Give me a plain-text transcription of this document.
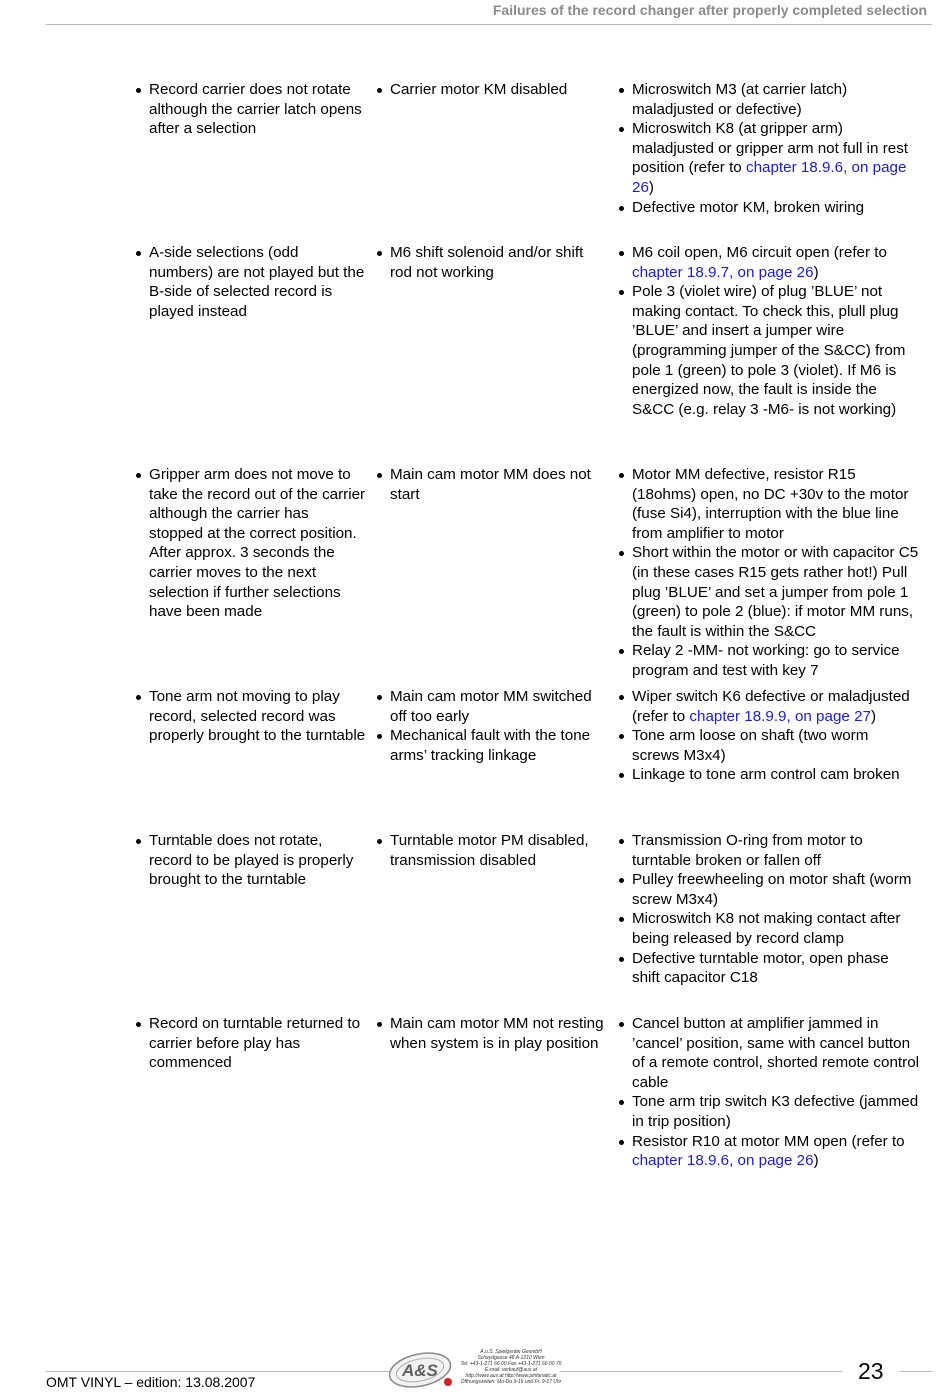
Failures of the record changer after properly completed selection
Record carrier does not rotate although the carrier latch opens after a selection
Carrier motor KM disabled	Microswitch M3 (at carrier latch) maladjusted or defective)
Microswitch K8 (at gripper arm) maladjusted or gripper arm not full in rest position (refer to chapter 18.9.6, on page 26)
Defective motor KM, broken wiring
A-side selections (odd numbers) are not played but the B-side of selected record is played instead
M6 shift solenoid and/or shift rod not working
M6 coil open, M6 circuit open (refer to chapter 18.9.7, on page 26)
Pole 3 (violet wire) of plug ’BLUE’ not making contact. To check this, plull plug ’BLUE’ and insert a jumper wire (programming jumper of the S&CC) from pole 1 (green) to pole 3 (violet). If M6 is energized now, the fault is inside the S&CC (e.g. relay 3 -M6- is not working)
Gripper arm does not move to take the record out of the carrier although the carrier has stopped at the correct position. After approx. 3 seconds the carrier moves to the next selection if further selections have been made
Main cam motor MM does not start
Motor MM defective, resistor R15 (18ohms) open, no DC +30v to the motor (fuse Si4), interruption with the blue line from amplifier to motor
Short within the motor or with capacitor C5 (in these cases R15 gets rather hot!) Pull plug ’BLUE’ and set a jumper from pole 1 (green) to pole 2 (blue): if motor MM runs, the fault is within the S&CC
Relay 2 -MM- not working: go to service program and test with key 7
Tone arm not moving to play record, selected record was properly brought to the turntable
Main cam motor MM switched off too early
Mechanical fault with the tone arms’ tracking linkage
Wiper switch K6 defective or maladjusted (refer to chapter 18.9.9, on page 27)
Tone arm loose on shaft (two worm screws M3x4)
Linkage to tone arm control cam broken
Turntable does not rotate, record to be played is properly brought to the turntable
Turntable motor PM disabled, transmission disabled
Transmission O-ring from motor to turntable broken or fallen off
Pulley freewheeling on motor shaft (worm screw M3x4)
Microswitch K8 not making contact after being released by record clamp
Defective turntable motor, open phase shift capacitor C18
Record on turntable returned to carrier before play has commenced
Main cam motor MM not resting when system is in play position
Cancel button at amplifier jammed in ’cancel’ position, same with cancel button of a remote control, shorted remote control cable
Tone arm trip switch K3 defective (jammed in trip position)
Resistor R10 at motor MM open (refer to chapter 18.9.6, on page 26)
OMT VINYL – edition: 13.08.2007
A&S
A.u.S. Spielgeräte GesmbH
Scheydgasse 48 A-1210 Wien
Tel. +43-1-271 66 00 Fax.+43-1-271 66 00 75
E-mail: verkauf@aus.at
http://www.aus.at http://www.pinfanatic.at
Öffnungszeiten: Mo-Do 9-16 und Fr. 9-17 Uhr	23
